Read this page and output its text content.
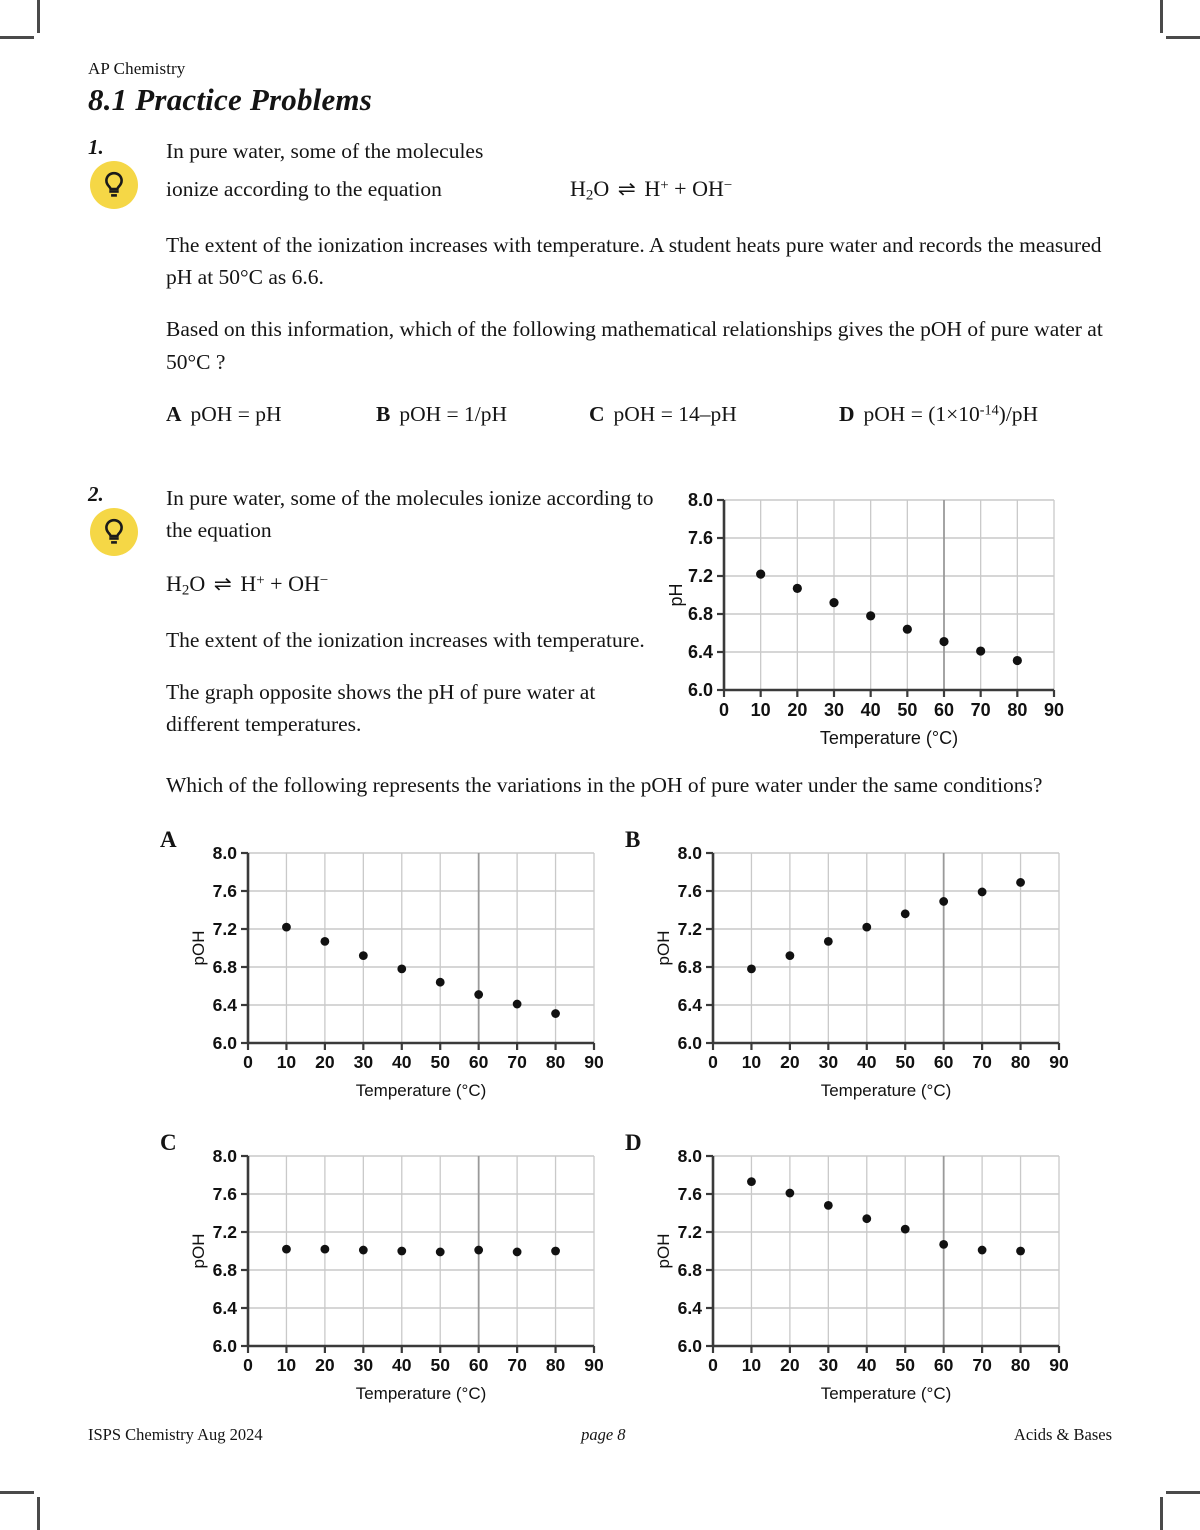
AP Chemistry
8.1 Practice Problems
1.	In pure water, some of the molecules
ionize according to the equation	$H_2O$ ⇌ H+ + OH−

The extent of the ionization increases with temperature. A student heats pure water and records the measured pH at 50°C as 6.6.

Based on this information, which of the following mathematical relationships gives the pOH of pure water at 50°C ?

A pOH = pH	B pOH = 1/pH	C pOH = 14–pH	D pOH = $(1\times 10^{-14})/pH$
2.	In pure water, some of the molecules ionize according to the equation

$H_2O$ ⇌ H+ + OH−

The extent of the ionization increases with temperature.

The graph opposite shows the pH of pure water at different temperatures.

6.0
6.4
6.8
7.2
7.6
8.0
0 10 20 30 40 50 60 70 80 90
Temperature (°C)
pH

Which of the following represents the variations in the pOH of pure water under the same conditions?

A
6.0
6.4
6.8
7.2
7.6
8.0
0 10 20 30 40 50 60 70 80 90
Temperature (°C)
pOH
B
6.0
6.4
6.8
7.2
7.6
8.0
0 10 20 30 40 50 60 70 80 90
Temperature (°C)
pOH
C
6.0
6.4
6.8
7.2
7.6
8.0
0 10 20 30 40 50 60 70 80 90
Temperature (°C)
pOH
D
6.0
6.4
6.8
7.2
7.6
8.0
0 10 20 30 40 50 60 70 80 90
Temperature (°C)
pOH
ISPS Chemistry Aug 2024	page 8	Acids & Bases
